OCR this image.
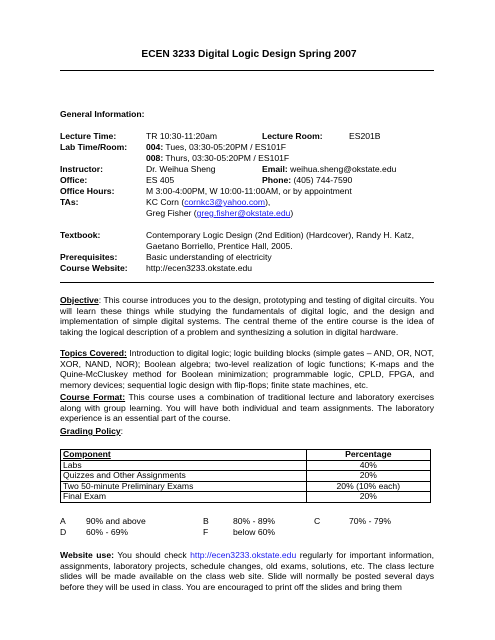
ECEN 3233 Digital Logic Design Spring 2007
General Information:
Lecture Time:	TR 10:30-11:20am	Lecture Room:	ES201B
Lab Time/Room: 004: Tues, 03:30-05:20PM / ES101F
008: Thurs, 03:30-05:20PM / ES101F
Instructor:	Dr. Weihua Sheng	Email: weihua.sheng@okstate.edu
Office:	ES 405	Phone: (405) 744-7590
Office Hours:	M 3:00-4:00PM, W 10:00-11:00AM, or by appointment
TAs:	KC Corn (cornkc3@yahoo.com),
Greg Fisher (greg.fisher@okstate.edu)
Textbook:	Contemporary Logic Design (2nd Edition) (Hardcover), Randy H. Katz,
Gaetano Borriello, Prentice Hall, 2005.
Prerequisites:	Basic understanding of electricity
Course Website: http://ecen3233.okstate.edu
Objective: This course introduces you to the design, prototyping and testing of digital circuits. You will learn these things while studying the fundamentals of digital logic, and the design and implementation of simple digital systems. The central theme of the entire course is the idea of taking the logical description of a problem and synthesizing a solution in digital hardware.
Topics Covered: Introduction to digital logic; logic building blocks (simple gates – AND, OR, NOT, XOR, NAND, NOR); Boolean algebra; two-level realization of logic functions; K-maps and the Quine-McCluskey method for Boolean minimization; programmable logic, CPLD, FPGA, and memory devices; sequential logic design with flip-flops; finite state machines, etc.
Course Format: This course uses a combination of traditional lecture and laboratory exercises along with group learning. You will have both individual and team assignments. The laboratory experience is an essential part of the course.
Grading Policy:
Component	Percentage
Labs	40%
Quizzes and Other Assignments	20%
Two 50-minute Preliminary Exams	20% (10% each)
Final Exam	20%
A 90% and above	B	80% - 89%	C	70% - 79%
D 60% - 69%	F	below 60%
Website use: You should check http://ecen3233.okstate.edu regularly for important information, assignments, laboratory projects, schedule changes, old exams, solutions, etc. The class lecture slides will be made available on the class web site. Slide will normally be posted several days before they will be used in class. You are encouraged to print off the slides and bring them
